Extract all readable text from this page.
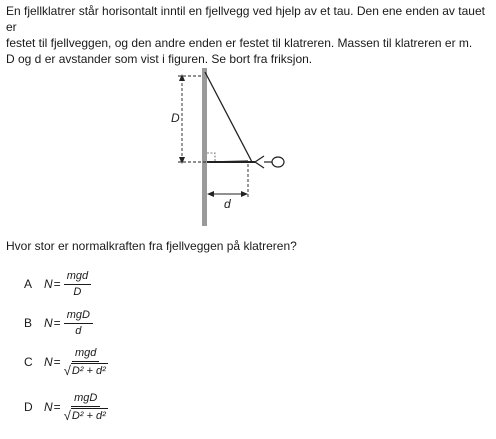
En fjellklatrer står horisontalt inntil en fjellvegg ved hjelp av et tau. Den ene enden av tauet er

festet til fjellveggen, og den andre enden er festet til klatreren. Massen til klatreren er m.

D og d er avstander som vist i figuren. Se bort fra friksjon.

D
d
Hvor stor er normalkraften fra fjellveggen på klatreren?
A $N = \frac{\text{mgd}}{D}$
B $N = \frac{\text{mgD}}{d}$
C $N = \frac{\text{mgd}}{\text{√ D² + d²}}$
D $N = \frac{\text{mgD}}{\text{√ D² + d²}}$
